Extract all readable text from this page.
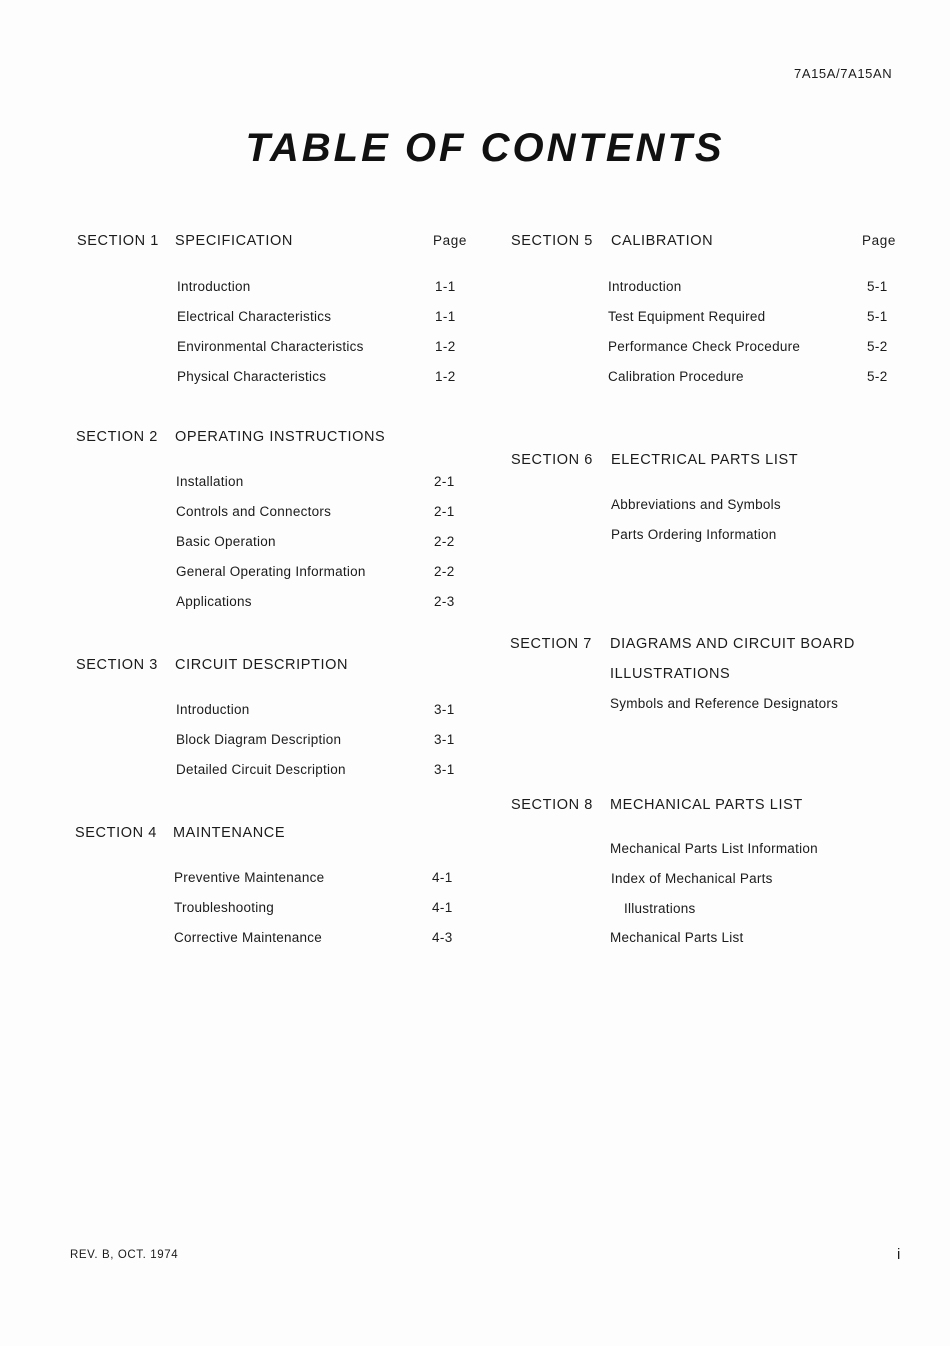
7A15A/7A15AN
TABLE OF CONTENTS
SECTION 1 SPECIFICATION	Page
Introduction	1-1
Electrical Characteristics	1-1
Environmental Characteristics	1-2
Physical Characteristics	1-2
SECTION 2 OPERATING INSTRUCTIONS
Installation	2-1
Controls and Connectors	2-1
Basic Operation	2-2
General Operating Information	2-2
Applications	2-3
SECTION 3 CIRCUIT DESCRIPTION
Introduction	3-1
Block Diagram Description	3-1
Detailed Circuit Description	3-1
SECTION 4 MAINTENANCE
Preventive Maintenance	4-1
Troubleshooting	4-1
Corrective Maintenance	4-3
SECTION 5 CALIBRATION	Page
Introduction	5-1
Test Equipment Required	5-1
Performance Check Procedure	5-2
Calibration Procedure	5-2
SECTION 6 ELECTRICAL PARTS LIST
Abbreviations and Symbols
Parts Ordering Information
SECTION 7 DIAGRAMS AND CIRCUIT BOARD
ILLUSTRATIONS
Symbols and Reference Designators
SECTION 8 MECHANICAL PARTS LIST
Mechanical Parts List Information
Index of Mechanical Parts
Illustrations
Mechanical Parts List
REV. B, OCT. 1974	i
